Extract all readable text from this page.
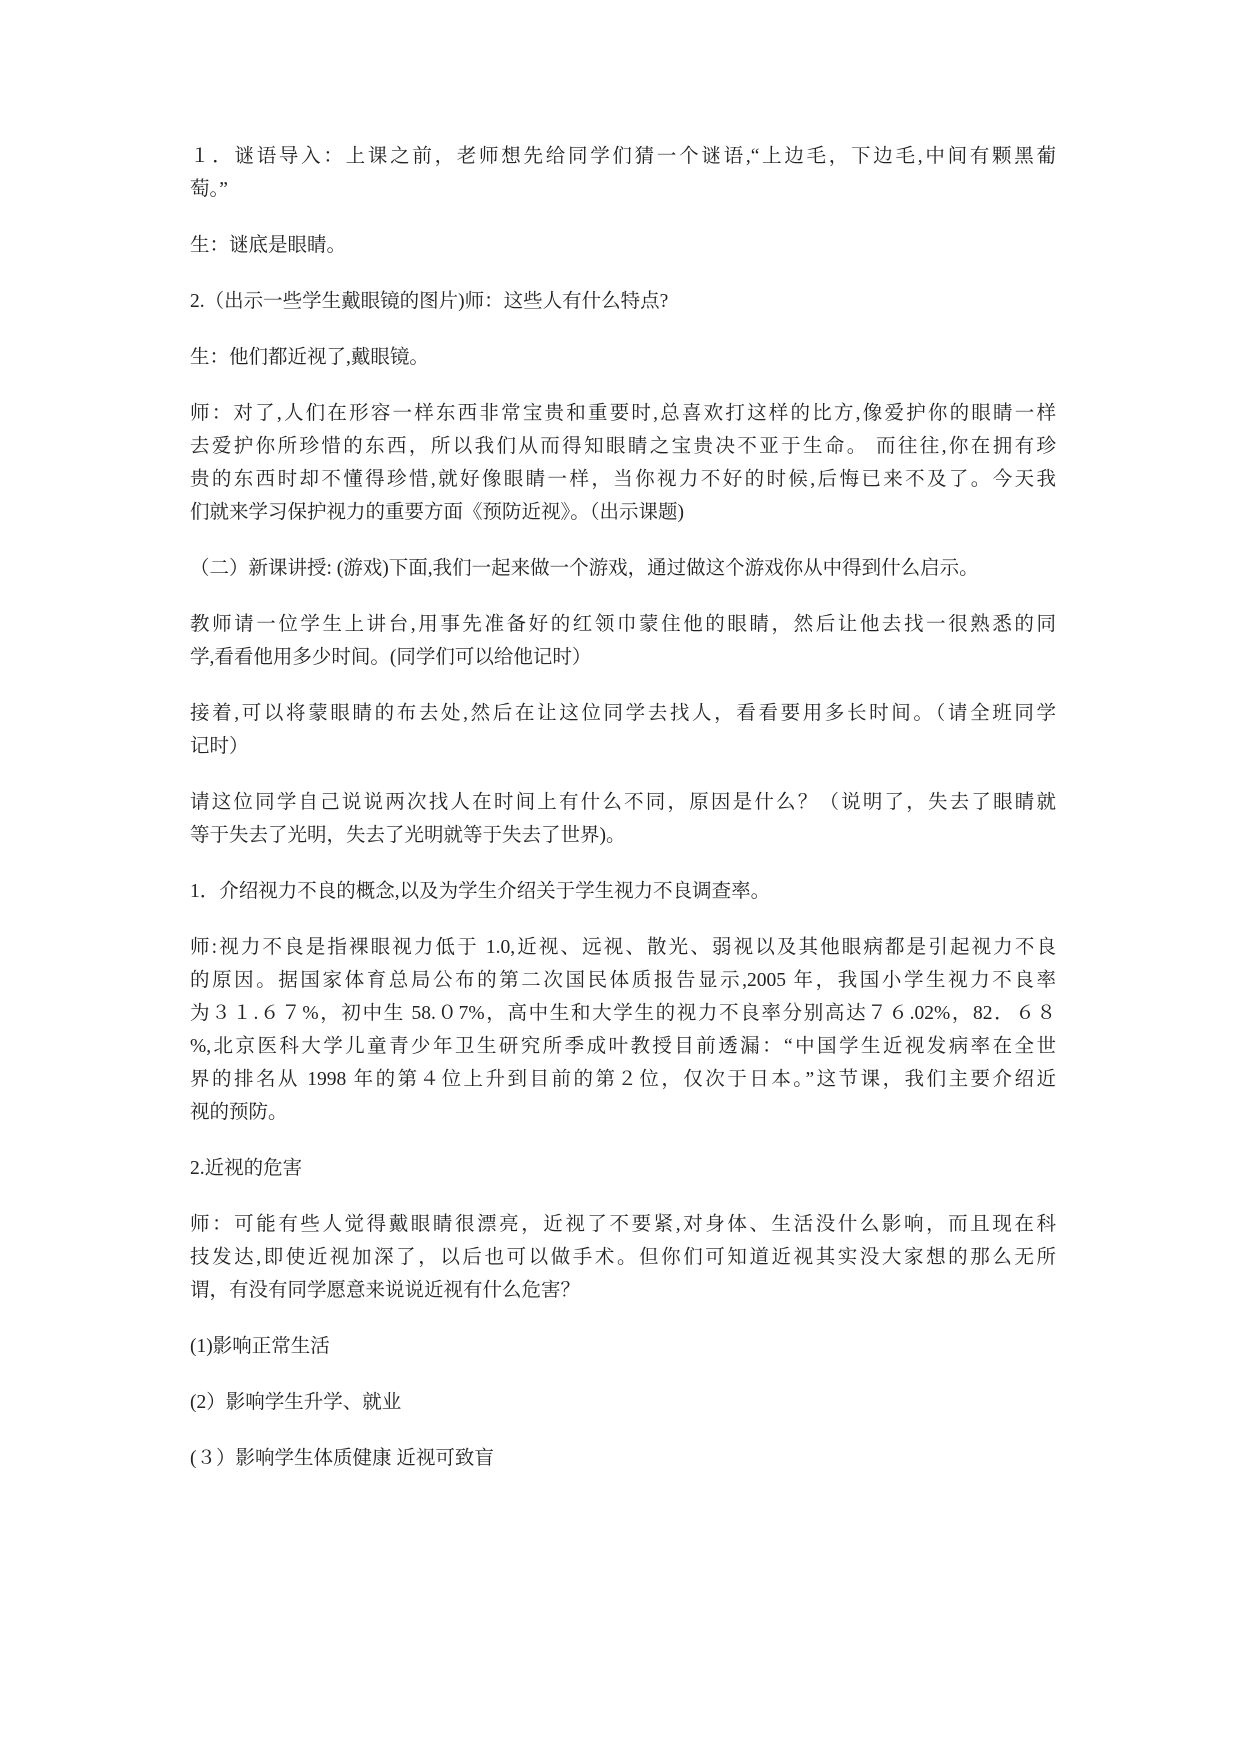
１．谜语导入：上课之前，老师想先给同学们猜一个谜语,“上边毛，下边毛,中间有颗黑葡
萄。”
生：谜底是眼睛。
2.（出示一些学生戴眼镜的图片)师：这些人有什么特点?
生：他们都近视了,戴眼镜。
师：对了,人们在形容一样东西非常宝贵和重要时,总喜欢打这样的比方,像爱护你的眼睛一样
去爱护你所珍惜的东西，所以我们从而得知眼睛之宝贵决不亚于生命。 而往往,你在拥有珍
贵的东西时却不懂得珍惜,就好像眼睛一样，当你视力不好的时候,后悔已来不及了。今天我
们就来学习保护视力的重要方面《预防近视》。（出示课题)
（二）新课讲授: (游戏)下面,我们一起来做一个游戏，通过做这个游戏你从中得到什么启示。
教师请一位学生上讲台,用事先准备好的红领巾蒙住他的眼睛，然后让他去找一很熟悉的同
学,看看他用多少时间。(同学们可以给他记时）
接着,可以将蒙眼睛的布去处,然后在让这位同学去找人，看看要用多长时间。（请全班同学
记时）
请这位同学自己说说两次找人在时间上有什么不同，原因是什么？（说明了，失去了眼睛就
等于失去了光明，失去了光明就等于失去了世界)。
1．介绍视力不良的概念,以及为学生介绍关于学生视力不良调查率。
师:视力不良是指裸眼视力低于 1.0,近视、远视、散光、弱视以及其他眼病都是引起视力不良
的原因。据国家体育总局公布的第二次国民体质报告显示,2005 年，我国小学生视力不良率
为３１.６７%，初中生 58.０7%，高中生和大学生的视力不良率分别高达７６.02%，82．６８
%,北京医科大学儿童青少年卫生研究所季成叶教授目前透漏：“中国学生近视发病率在全世
界的排名从 1998 年的第４位上升到目前的第２位，仅次于日本。”这节课，我们主要介绍近
视的预防。
2.近视的危害
师：可能有些人觉得戴眼睛很漂亮，近视了不要紧,对身体、生活没什么影响，而且现在科
技发达,即使近视加深了，以后也可以做手术。但你们可知道近视其实没大家想的那么无所
谓，有没有同学愿意来说说近视有什么危害？
(1)影响正常生活
(2）影响学生升学、就业
(３）影响学生体质健康 近视可致盲
